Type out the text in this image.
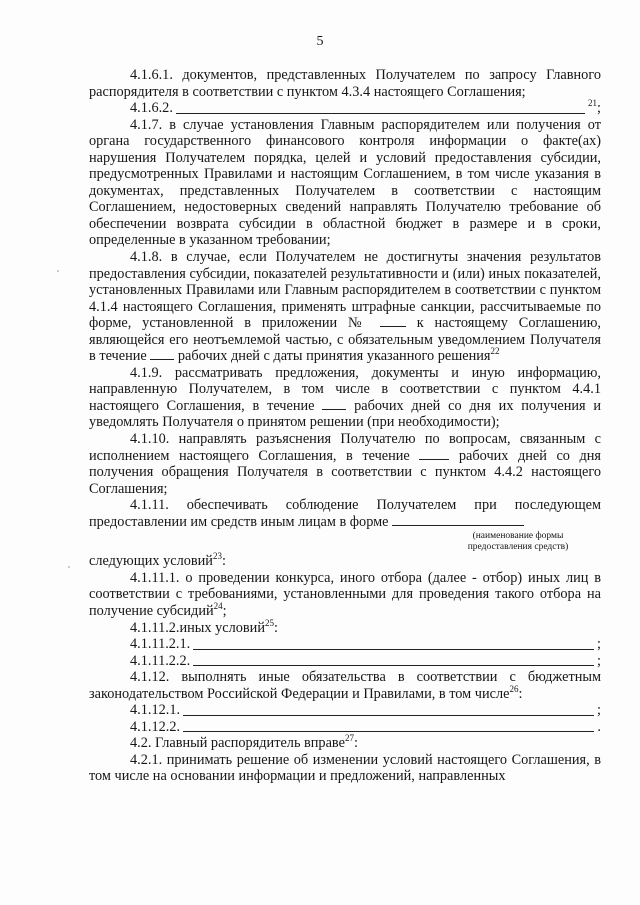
5

4.1.6.1. документов, представленных Получателем по запросу Главного распорядителя в соответствии с пунктом 4.3.4 настоящего Соглашения;

4.1.6.2.	$^{21}$;

4.1.7. в случае установления Главным распорядителем или получения от органа государственного финансового контроля информации о факте(ах) нарушения Получателем порядка, целей и условий предоставления субсидии, предусмотренных Правилами и настоящим Соглашением, в том числе указания в документах, представленных Получателем в соответствии с настоящим Соглашением, недостоверных сведений направлять Получателю требование об обеспечении возврата субсидии в областной бюджет в размере и в сроки, определенные в указанном требовании;

4.1.8. в случае, если Получателем не достигнуты значения результатов предоставления субсидии, показателей результативности и (или) иных показателей, установленных Правилами или Главным распорядителем в соответствии с пунктом 4.1.4 настоящего Соглашения, применять штрафные санкции, рассчитываемые по форме, установленной в приложении №	к настоящему Соглашению, являющейся его неотъемлемой частью, с обязательным уведомлением Получателя в течение рабочих дней с даты принятия указанного решения$^{22}$

4.1.9. рассматривать предложения, документы и иную информацию, направленную Получателем, в том числе в соответствии с пунктом 4.4.1 настоящего Соглашения, в течение	рабочих дней со дня их получения и уведомлять Получателя о принятом решении (при необходимости);

4.1.10. направлять разъяснения Получателю по вопросам, связанным с исполнением настоящего Соглашения, в течение	рабочих дней со дня получения обращения Получателя в соответствии с пунктом 4.4.2 настоящего Соглашения;

4.1.11. обеспечивать соблюдение Получателем при последующем предоставлении им средств иным лицам в форме

(наименование формы
предоставления средств)

следующих условий$^{23}$:

4.1.11.1. о проведении конкурса, иного отбора (далее - отбор) иных лиц в соответствии с требованиями, установленными для проведения такого отбора на получение субсидий$^{24}$;

4.1.11.2.иных условий$^{25}$:

4.1.11.2.1.	;
4.1.11.2.2.	;

4.1.12. выполнять иные обязательства в соответствии с бюджетным законодательством Российской Федерации и Правилами, в том числе$^{26}$:

4.1.12.1.	;
4.1.12.2.	.

4.2. Главный распорядитель вправе$^{27}$:

4.2.1. принимать решение об изменении условий настоящего Соглашения, в том числе на основании информации и предложений, направленных
